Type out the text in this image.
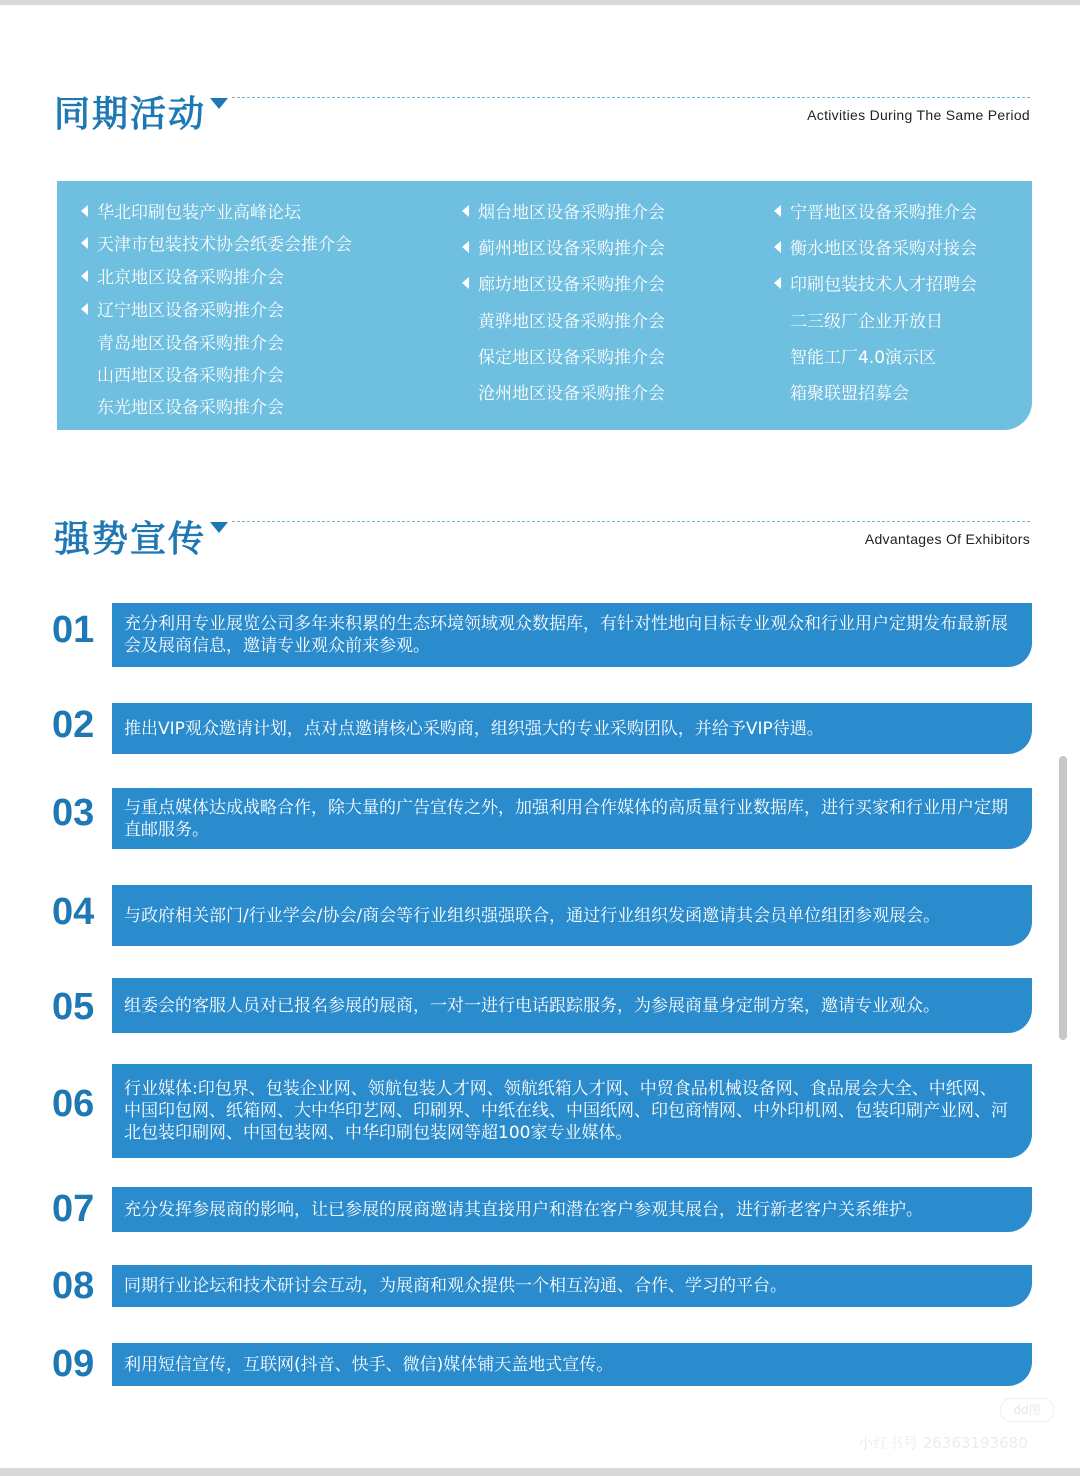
同期活动	Activities During The Same Period
华北印刷包装产业高峰论坛
天津市包装技术协会纸委会推介会
北京地区设备采购推介会
辽宁地区设备采购推介会
青岛地区设备采购推介会
山西地区设备采购推介会
东光地区设备采购推介会
烟台地区设备采购推介会
蓟州地区设备采购推介会
廊坊地区设备采购推介会
黄骅地区设备采购推介会
保定地区设备采购推介会
沧州地区设备采购推介会
宁晋地区设备采购推介会
衡水地区设备采购对接会
印刷包装技术人才招聘会
二三级厂企业开放日
智能工厂4.0演示区
箱聚联盟招募会
强势宣传	Advantages Of Exhibitors
01	充分利用专业展览公司多年来积累的生态环境领域观众数据库，有针对性地向目标专业观众和行业用户定期发布最新展会及展商信息，邀请专业观众前来参观。
02	推出VIP观众邀请计划，点对点邀请核心采购商，组织强大的专业采购团队，并给予VIP待遇。
03	与重点媒体达成战略合作，除大量的广告宣传之外，加强利用合作媒体的高质量行业数据库，进行买家和行业用户定期直邮服务。
04	与政府相关部门/行业学会/协会/商会等行业组织强强联合，通过行业组织发函邀请其会员单位组团参观展会。
05	组委会的客服人员对已报名参展的展商，一对一进行电话跟踪服务，为参展商量身定制方案，邀请专业观众。
06	行业媒体:印包界、包装企业网、领航包装人才网、领航纸箱人才网、中贸食品机械设备网、食品展会大全、中纸网、中国印包网、纸箱网、大中华印艺网、印刷界、中纸在线、中国纸网、印包商情网、中外印机网、包装印刷产业网、河北包装印刷网、中国包装网、中华印刷包装网等超100家专业媒体。
07	充分发挥参展商的影响，让已参展的展商邀请其直接用户和潜在客户参观其展台，进行新老客户关系维护。
08	同期行业论坛和技术研讨会互动，为展商和观众提供一个相互沟通、合作、学习的平台。
09	利用短信宣传，互联网(抖音、快手、微信)媒体铺天盖地式宣传。
dd图
小红书号 26363193680
